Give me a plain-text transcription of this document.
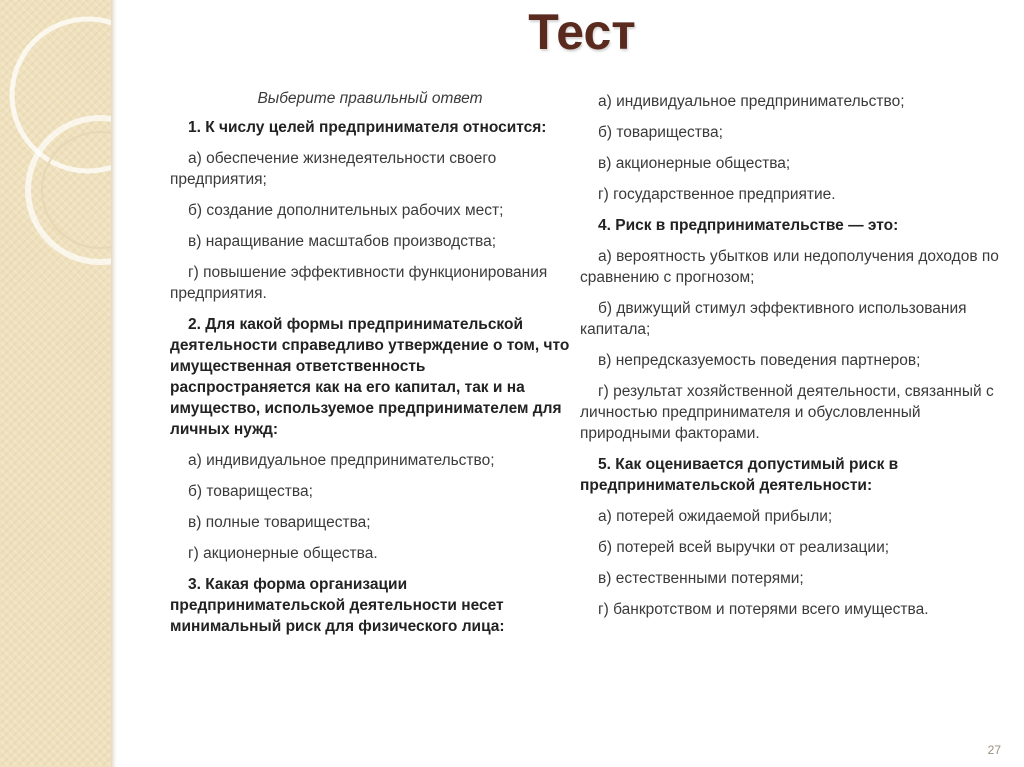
Тест
Выберите правильный ответ
1. К числу целей предпринимателя относится:
а) обеспечение жизнедеятельности своего предприятия;
б) создание дополнительных рабочих мест;
в) наращивание масштабов производства;
г) повышение эффективности функционирования предприятия.
2. Для какой формы предпринимательской деятельности справедливо утверждение о том, что имущественная ответственность распространяется как на его капитал, так и на имущество, используемое предпринимателем для личных нужд:
а) индивидуальное предпринимательство;
б) товарищества;
в) полные товарищества;
г) акционерные общества.
3. Какая форма организации предпринимательской деятельности несет минимальный риск для физического лица:
а) индивидуальное предпринимательство;
б) товарищества;
в) акционерные общества;
г) государственное предприятие.
4. Риск в предпринимательстве — это:
а) вероятность убытков или недополучения доходов по сравнению с прогнозом;
б) движущий стимул эффективного использования капитала;
в) непредсказуемость поведения партнеров;
г) результат хозяйственной деятельности, связанный с личностью предпринимателя и обусловленный природными факторами.
5. Как оценивается допустимый риск в предпринимательской деятельности:
а) потерей ожидаемой прибыли;
б) потерей всей выручки от реализации;
в) естественными потерями;
г) банкротством и потерями всего имущества.
27
